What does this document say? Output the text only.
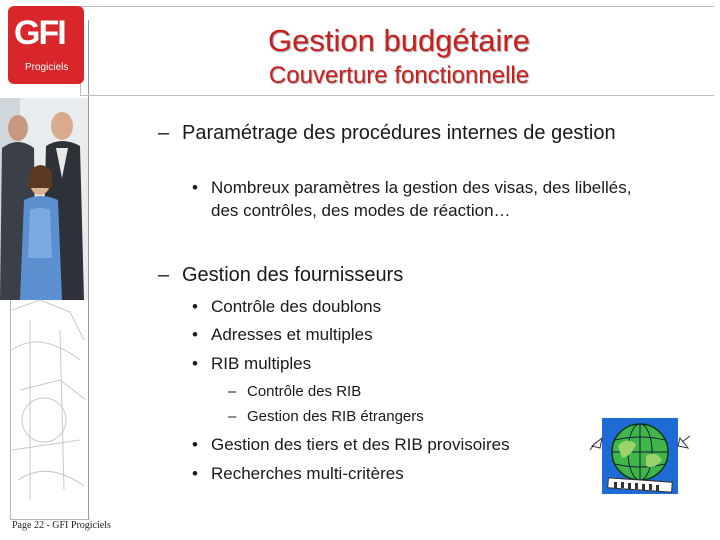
Gestion budgétaire
Couverture fonctionnelle
GFI
Progiciels
– Paramétrage des procédures internes de gestion
• Nombreux paramètres la gestion des visas, des libellés, des contrôles, des modes de réaction…
– Gestion des fournisseurs
• Contrôle des doublons
• Adresses et multiples
• RIB multiples
– Contrôle des RIB
– Gestion des RIB étrangers
• Gestion des tiers et des RIB provisoires
• Recherches multi-critères
Page 22 - GFI Progiciels
